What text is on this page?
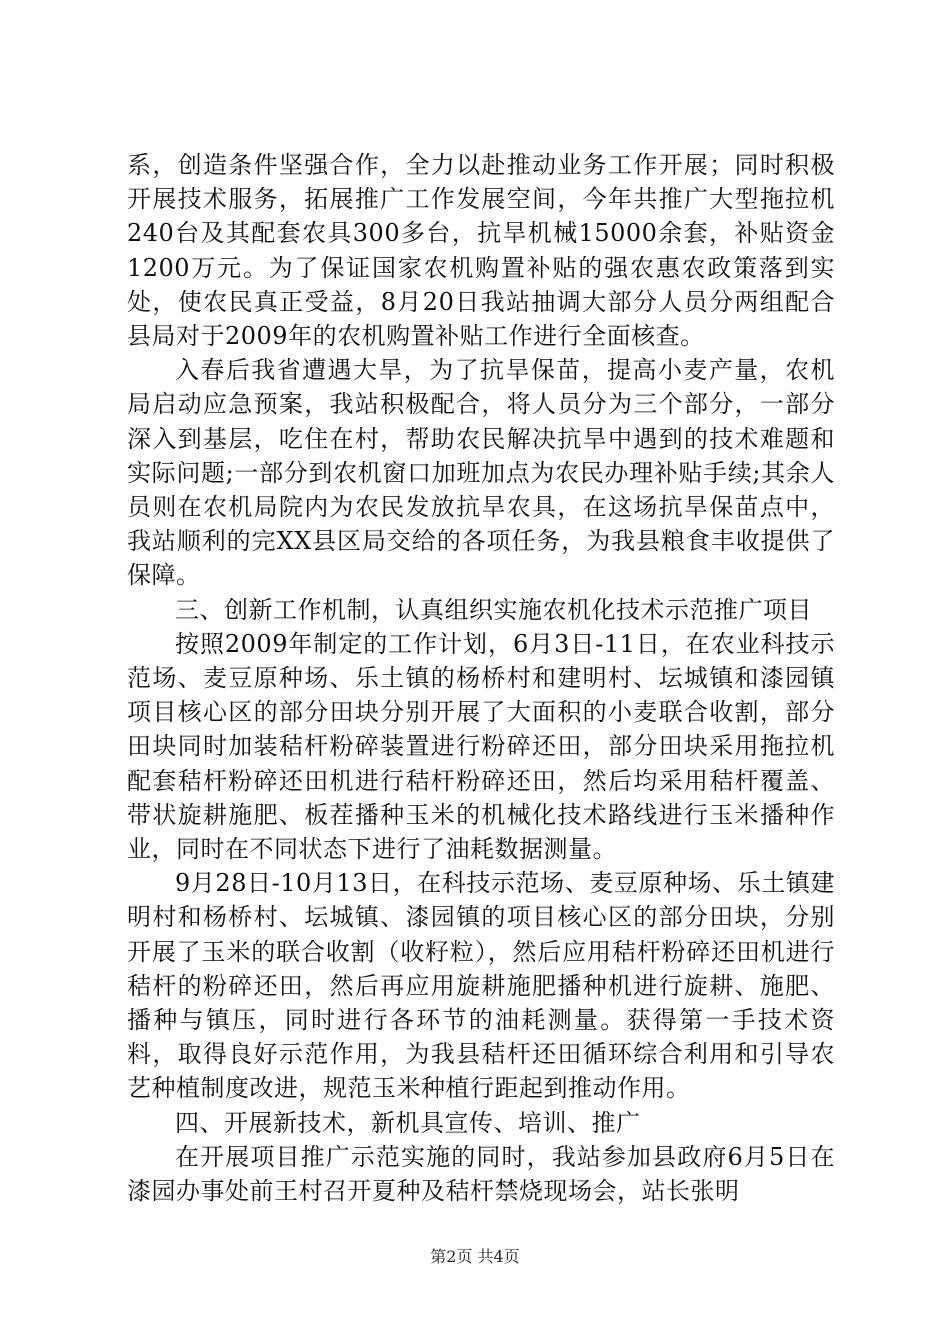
系，创造条件坚强合作，全力以赴推动业务工作开展；同时积极开展技术服务，拓展推广工作发展空间，今年共推广大型拖拉机240台及其配套农具300多台，抗旱机械15000余套，补贴资金1200万元。为了保证国家农机购置补贴的强农惠农政策落到实处，使农民真正受益，8月20日我站抽调大部分人员分两组配合县局对于2009年的农机购置补贴工作进行全面核查。

入春后我省遭遇大旱，为了抗旱保苗，提高小麦产量，农机局启动应急预案，我站积极配合，将人员分为三个部分，一部分深入到基层，吃住在村，帮助农民解决抗旱中遇到的技术难题和实际问题;一部分到农机窗口加班加点为农民办理补贴手续;其余人员则在农机局院内为农民发放抗旱农具，在这场抗旱保苗点中，我站顺利的完XX县区局交给的各项任务，为我县粮食丰收提供了保障。

三、创新工作机制，认真组织实施农机化技术示范推广项目

按照2009年制定的工作计划，6月3日-11日，在农业科技示范场、麦豆原种场、乐土镇的杨桥村和建明村、坛城镇和漆园镇项目核心区的部分田块分别开展了大面积的小麦联合收割，部分田块同时加装秸杆粉碎装置进行粉碎还田，部分田块采用拖拉机配套秸杆粉碎还田机进行秸杆粉碎还田，然后均采用秸杆覆盖、带状旋耕施肥、板茬播种玉米的机械化技术路线进行玉米播种作业，同时在不同状态下进行了油耗数据测量。

9月28日-10月13日，在科技示范场、麦豆原种场、乐土镇建明村和杨桥村、坛城镇、漆园镇的项目核心区的部分田块，分别开展了玉米的联合收割（收籽粒），然后应用秸杆粉碎还田机进行秸杆的粉碎还田，然后再应用旋耕施肥播种机进行旋耕、施肥、播种与镇压，同时进行各环节的油耗测量。获得第一手技术资料，取得良好示范作用，为我县秸杆还田循环综合利用和引导农艺种植制度改进，规范玉米种植行距起到推动作用。

四、开展新技术，新机具宣传、培训、推广

在开展项目推广示范实施的同时，我站参加县政府6月5日在漆园办事处前王村召开夏种及秸杆禁烧现场会，站长张明

第2页 共4页
